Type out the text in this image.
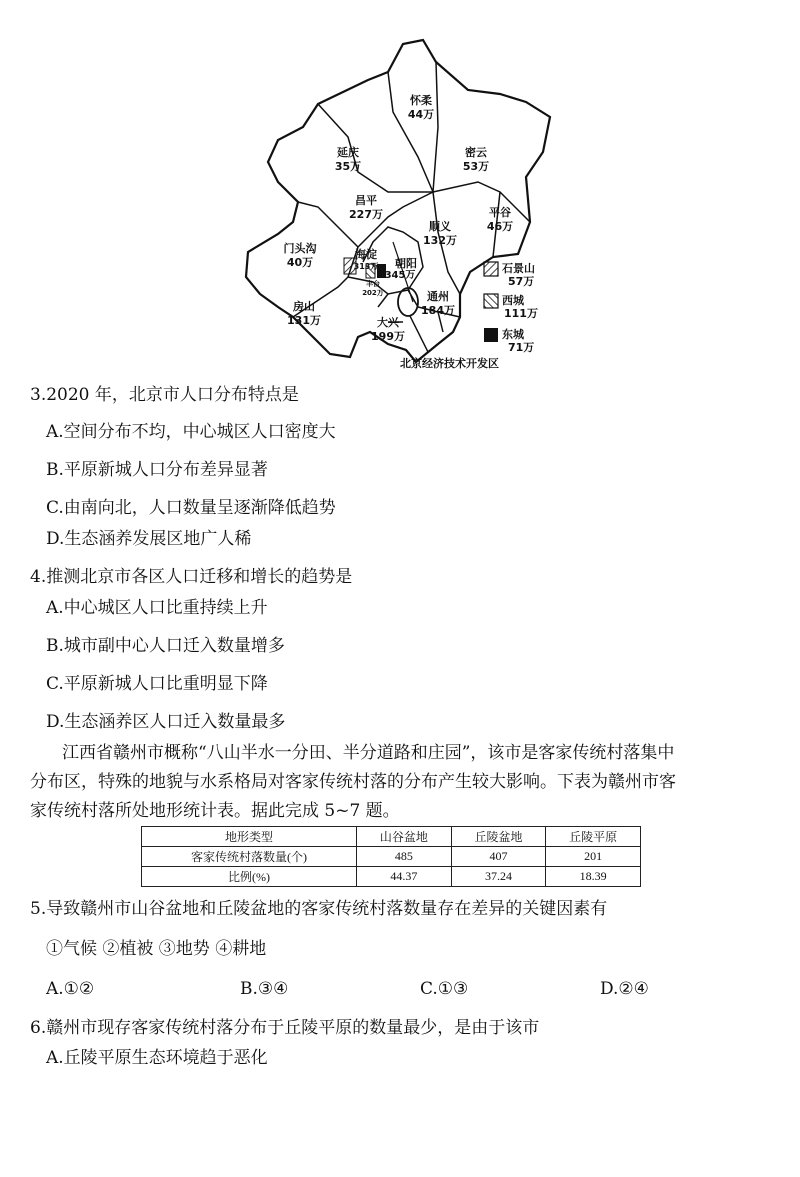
怀柔
44万
延庆
35万
密云
53万
昌平
227万
顺义
132万
平谷
46万
门头沟
40万
海淀
313万 朝阳
345万
丰台
202万
房山
131万
通州
184万
大兴
199万
石景山
57万
西城
111万
东城
71万
北京经济技术开发区
3.2020 年，北京市人口分布特点是
A.空间分布不均，中心城区人口密度大
B.平原新城人口分布差异显著
C.由南向北，人口数量呈逐渐降低趋势
D.生态涵养发展区地广人稀
4.推测北京市各区人口迁移和增长的趋势是
A.中心城区人口比重持续上升
B.城市副中心人口迁入数量增多
C.平原新城人口比重明显下降
D.生态涵养区人口迁入数量最多
江西省赣州市概称“八山半水一分田、半分道路和庄园”，该市是客家传统村落集中
分布区，特殊的地貌与水系格局对客家传统村落的分布产生较大影响。下表为赣州市客
家传统村落所处地形统计表。据此完成 5~7 题。
地形类型	山谷盆地	丘陵盆地	丘陵平原
客家传统村落数量(个)	485	407	201
比例(%)	44.37	37.24	18.39
5.导致赣州市山谷盆地和丘陵盆地的客家传统村落数量存在差异的关键因素有
①气候 ②植被 ③地势 ④耕地
A.①②	B.③④	C.①③	D.②④
6.赣州市现存客家传统村落分布于丘陵平原的数量最少，是由于该市
A.丘陵平原生态环境趋于恶化
